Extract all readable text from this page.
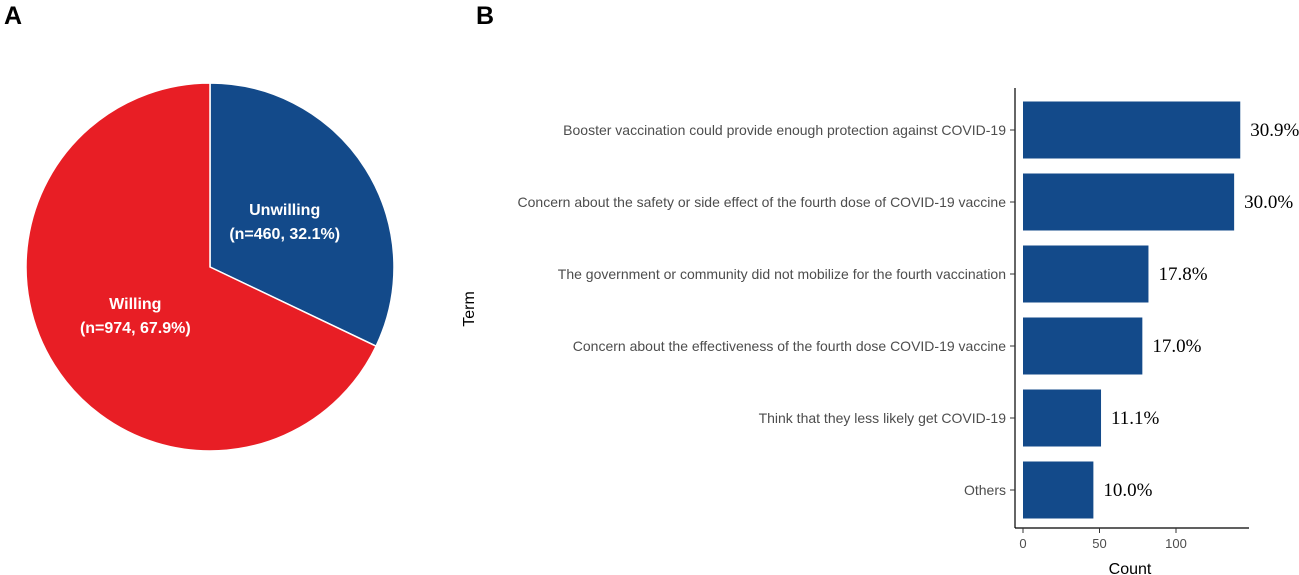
A	B
Unwilling
(n=460, 32.1%)
Willing
(n=974, 67.9%)
Booster vaccination could provide enough protection against COVID-19	30.9%
Concern about the safety or side effect of the fourth dose of COVID-19 vaccine	30.0%
The government or community did not mobilize for the fourth vaccination	17.8%
Concern about the effectiveness of the fourth dose COVID-19 vaccine	17.0%
Think that they less likely get COVID-19	11.1%
Others	10.0%
0	50	100
Count
Term
